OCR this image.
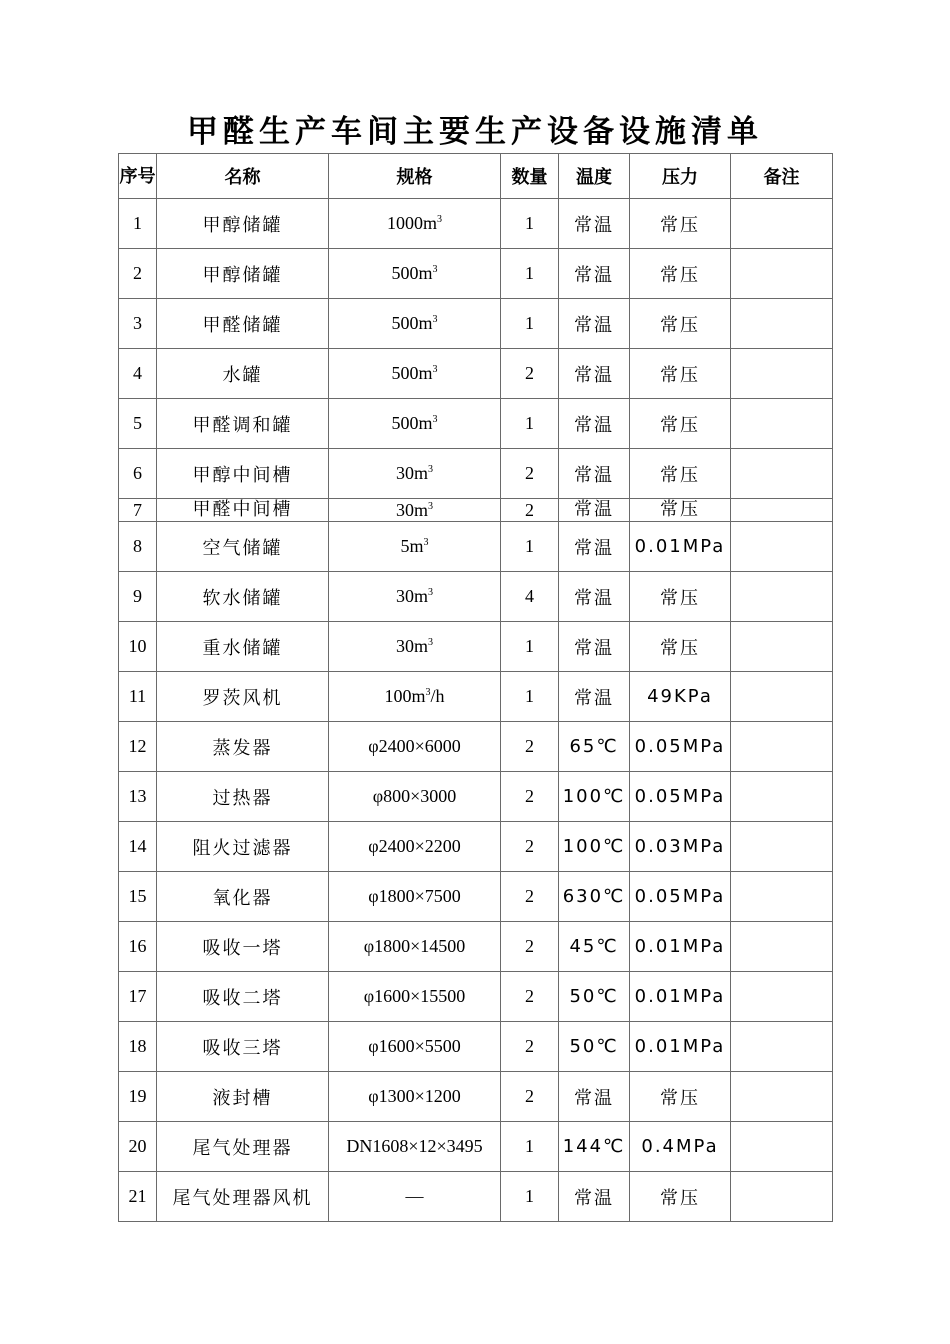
甲醛生产车间主要生产设备设施清单
序号	名称	规格	数量	温度	压力	备注
1	甲醇储罐	$1000m^3$	1	常温	常压	
2	甲醇储罐	$500m^3$	1	常温	常压	
3	甲醛储罐	$500m^3$	1	常温	常压	
4	水罐	$500m^3$	2	常温	常压	
5	甲醛调和罐	$500m^3$	1	常温	常压	
6	甲醇中间槽	$30m^3$	2	常温	常压	
7	甲醛中间槽	$30m^3$	2	常温	常压	
8	空气储罐	$5m^3$	1	常温	0.01MPa	
9	软水储罐	$30m^3$	4	常温	常压	
10	重水储罐	$30m^3$	1	常温	常压	
11	罗茨风机	$100m^3/h$	1	常温	49KPa	
12	蒸发器	φ2400×6000	2	65℃	0.05MPa	
13	过热器	φ800×3000	2	100℃	0.05MPa	
14	阻火过滤器	φ2400×2200	2	100℃	0.03MPa	
15	氧化器	φ1800×7500	2	630℃	0.05MPa	
16	吸收一塔	φ1800×14500	2	45℃	0.01MPa	
17	吸收二塔	φ1600×15500	2	50℃	0.01MPa	
18	吸收三塔	φ1600×5500	2	50℃	0.01MPa	
19	液封槽	φ1300×1200	2	常温	常压	
20	尾气处理器	DN1608×12×3495	1	144℃	0.4MPa	
21	尾气处理器风机	—	1	常温	常压	
